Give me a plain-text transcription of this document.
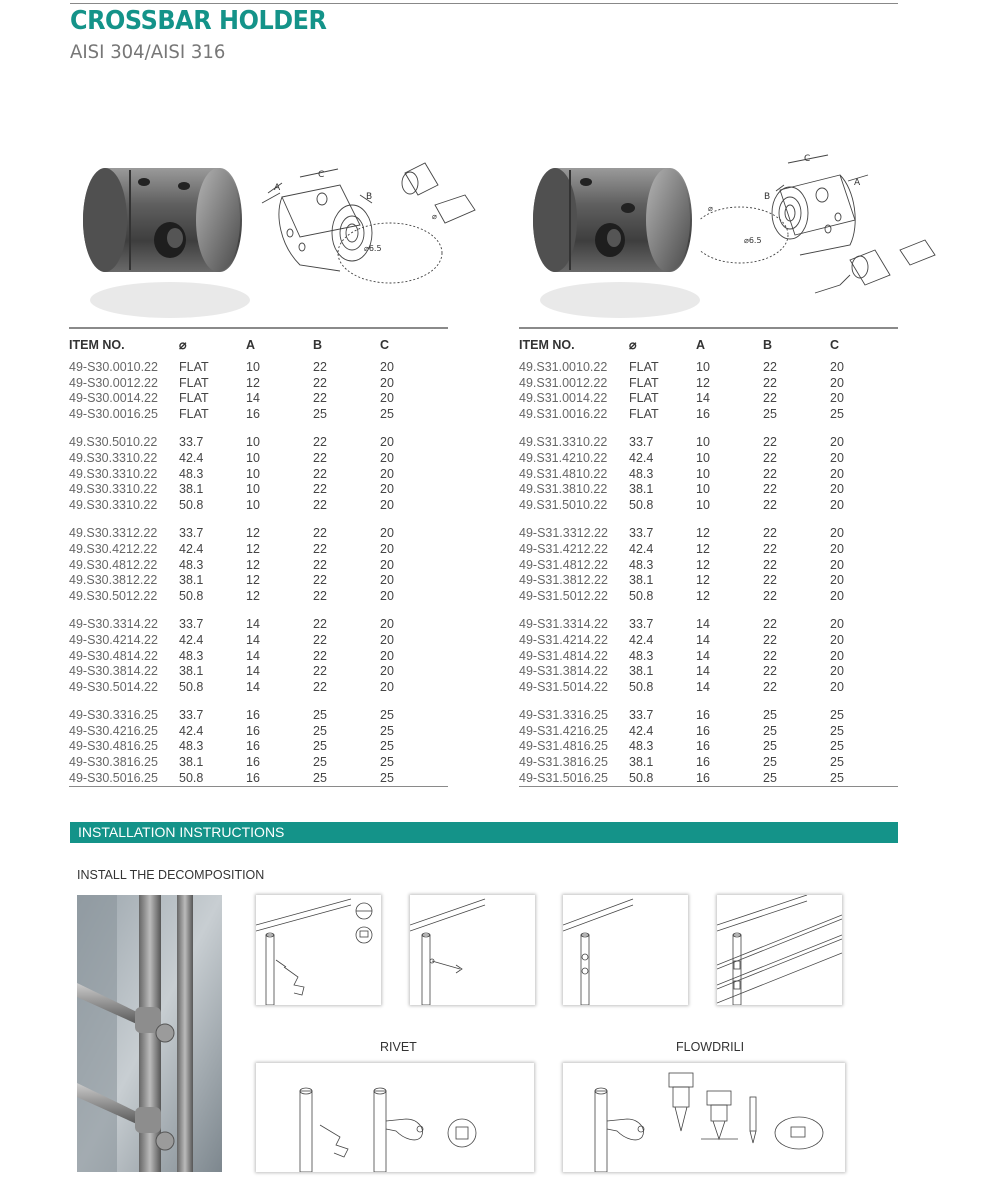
CROSSBAR HOLDER
AISI 304/AISI 316
A
C
B
⌀6.5
⌀
C
A
B
⌀6.5
⌀
ITEM NO.	⌀	A	B	C
49-S30.0010.22	FLAT	10	22	20
49-S30.0012.22	FLAT	12	22	20
49-S30.0014.22	FLAT	14	22	20
49-S30.0016.25	FLAT	16	25	25

49.S30.5010.22	33.7	10	22	20
49.S30.3310.22	42.4	10	22	20
49.S30.3310.22	48.3	10	22	20
49.S30.3310.22	38.1	10	22	20
49.S30.3310.22	50.8	10	22	20

49.S30.3312.22	33.7	12	22	20
49.S30.4212.22	42.4	12	22	20
49.S30.4812.22	48.3	12	22	20
49.S30.3812.22	38.1	12	22	20
49.S30.5012.22	50.8	12	22	20

49-S30.3314.22	33.7	14	22	20
49-S30.4214.22	42.4	14	22	20
49-S30.4814.22	48.3	14	22	20
49-S30.3814.22	38.1	14	22	20
49-S30.5014.22	50.8	14	22	20

49-S30.3316.25	33.7	16	25	25
49-S30.4216.25	42.4	16	25	25
49-S30.4816.25	48.3	16	25	25
49-S30.3816.25	38.1	16	25	25
49-S30.5016.25	50.8	16	25	25

ITEM NO.	⌀	A	B	C
49.S31.0010.22	FLAT	10	22	20
49.S31.0012.22	FLAT	12	22	20
49.S31.0014.22	FLAT	14	22	20
49.S31.0016.22	FLAT	16	25	25

49.S31.3310.22	33.7	10	22	20
49.S31.4210.22	42.4	10	22	20
49.S31.4810.22	48.3	10	22	20
49.S31.3810.22	38.1	10	22	20
49.S31.5010.22	50.8	10	22	20

49-S31.3312.22	33.7	12	22	20
49-S31.4212.22	42.4	12	22	20
49-S31.4812.22	48.3	12	22	20
49-S31.3812.22	38.1	12	22	20
49-S31.5012.22	50.8	12	22	20

49-S31.3314.22	33.7	14	22	20
49-S31.4214.22	42.4	14	22	20
49-S31.4814.22	48.3	14	22	20
49-S31.3814.22	38.1	14	22	20
49-S31.5014.22	50.8	14	22	20

49-S31.3316.25	33.7	16	25	25
49-S31.4216.25	42.4	16	25	25
49-S31.4816.25	48.3	16	25	25
49-S31.3816.25	38.1	16	25	25
49-S31.5016.25	50.8	16	25	25

INSTALLATION INSTRUCTIONS
INSTALL THE DECOMPOSITION
RIVET	FLOWDRILI
